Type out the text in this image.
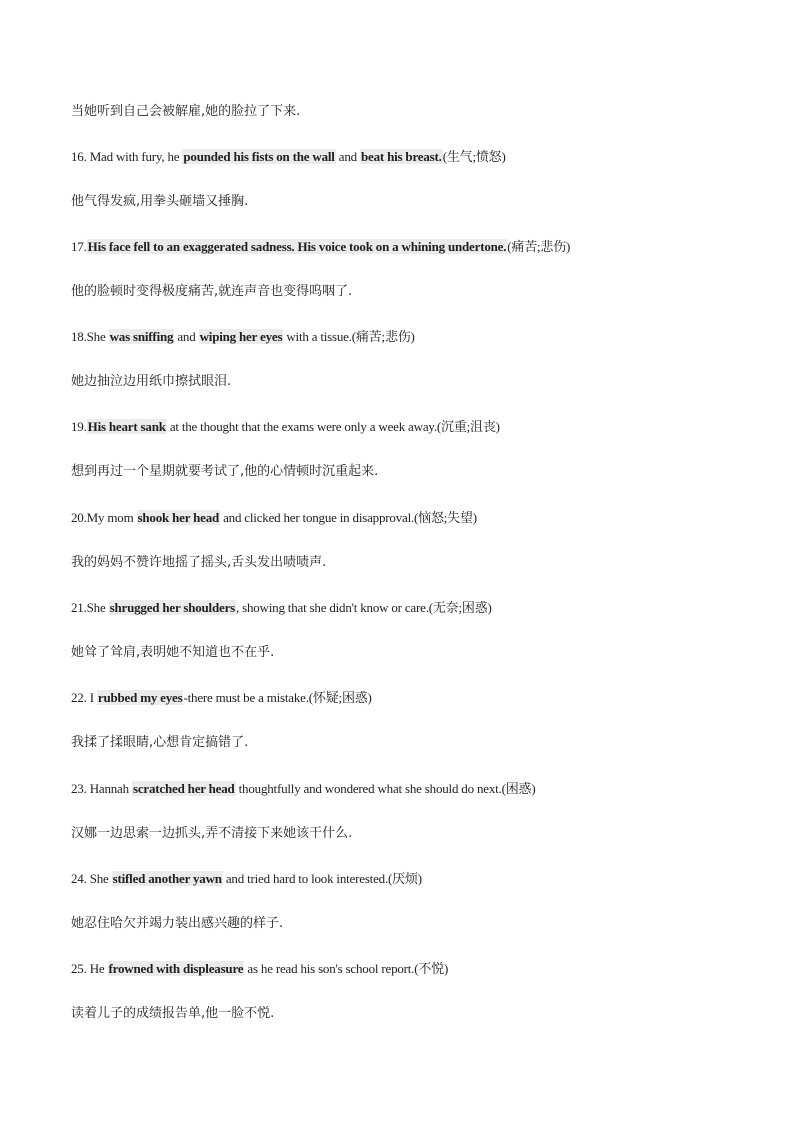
当她听到自己会被解雇,她的脸拉了下来.
16. Mad with fury, he pounded his fists on the wall and beat his breast.(生气;愤怒)
他气得发疯,用拳头砸墙又捶胸.
17.His face fell to an exaggerated sadness. His voice took on a whining undertone.(痛苦;悲伤)
他的脸顿时变得极度痛苦,就连声音也变得呜咽了.
18.She was sniffing and wiping her eyes with a tissue.(痛苦;悲伤)
她边抽泣边用纸巾擦拭眼泪.
19.His heart sank at the thought that the exams were only a week away.(沉重;沮丧)
想到再过一个星期就要考试了,他的心情顿时沉重起来.
20.My mom shook her head and clicked her tongue in disapproval.(恼怒;失望)
我的妈妈不赞许地摇了摇头,舌头发出啧啧声.
21.She shrugged her shoulders, showing that she didn't know or care.(无奈;困惑)
她耸了耸肩,表明她不知道也不在乎.
22. I rubbed my eyes-there must be a mistake.(怀疑;困惑)
我揉了揉眼睛,心想肯定搞错了.
23. Hannah scratched her head thoughtfully and wondered what she should do next.(困惑)
汉娜一边思索一边抓头,弄不清接下来她该干什么.
24. She stifled another yawn and tried hard to look interested.(厌烦)
她忍住哈欠并竭力装出感兴趣的样子.
25. He frowned with displeasure as he read his son's school report.(不悦)
读着儿子的成绩报告单,他一脸不悦.
